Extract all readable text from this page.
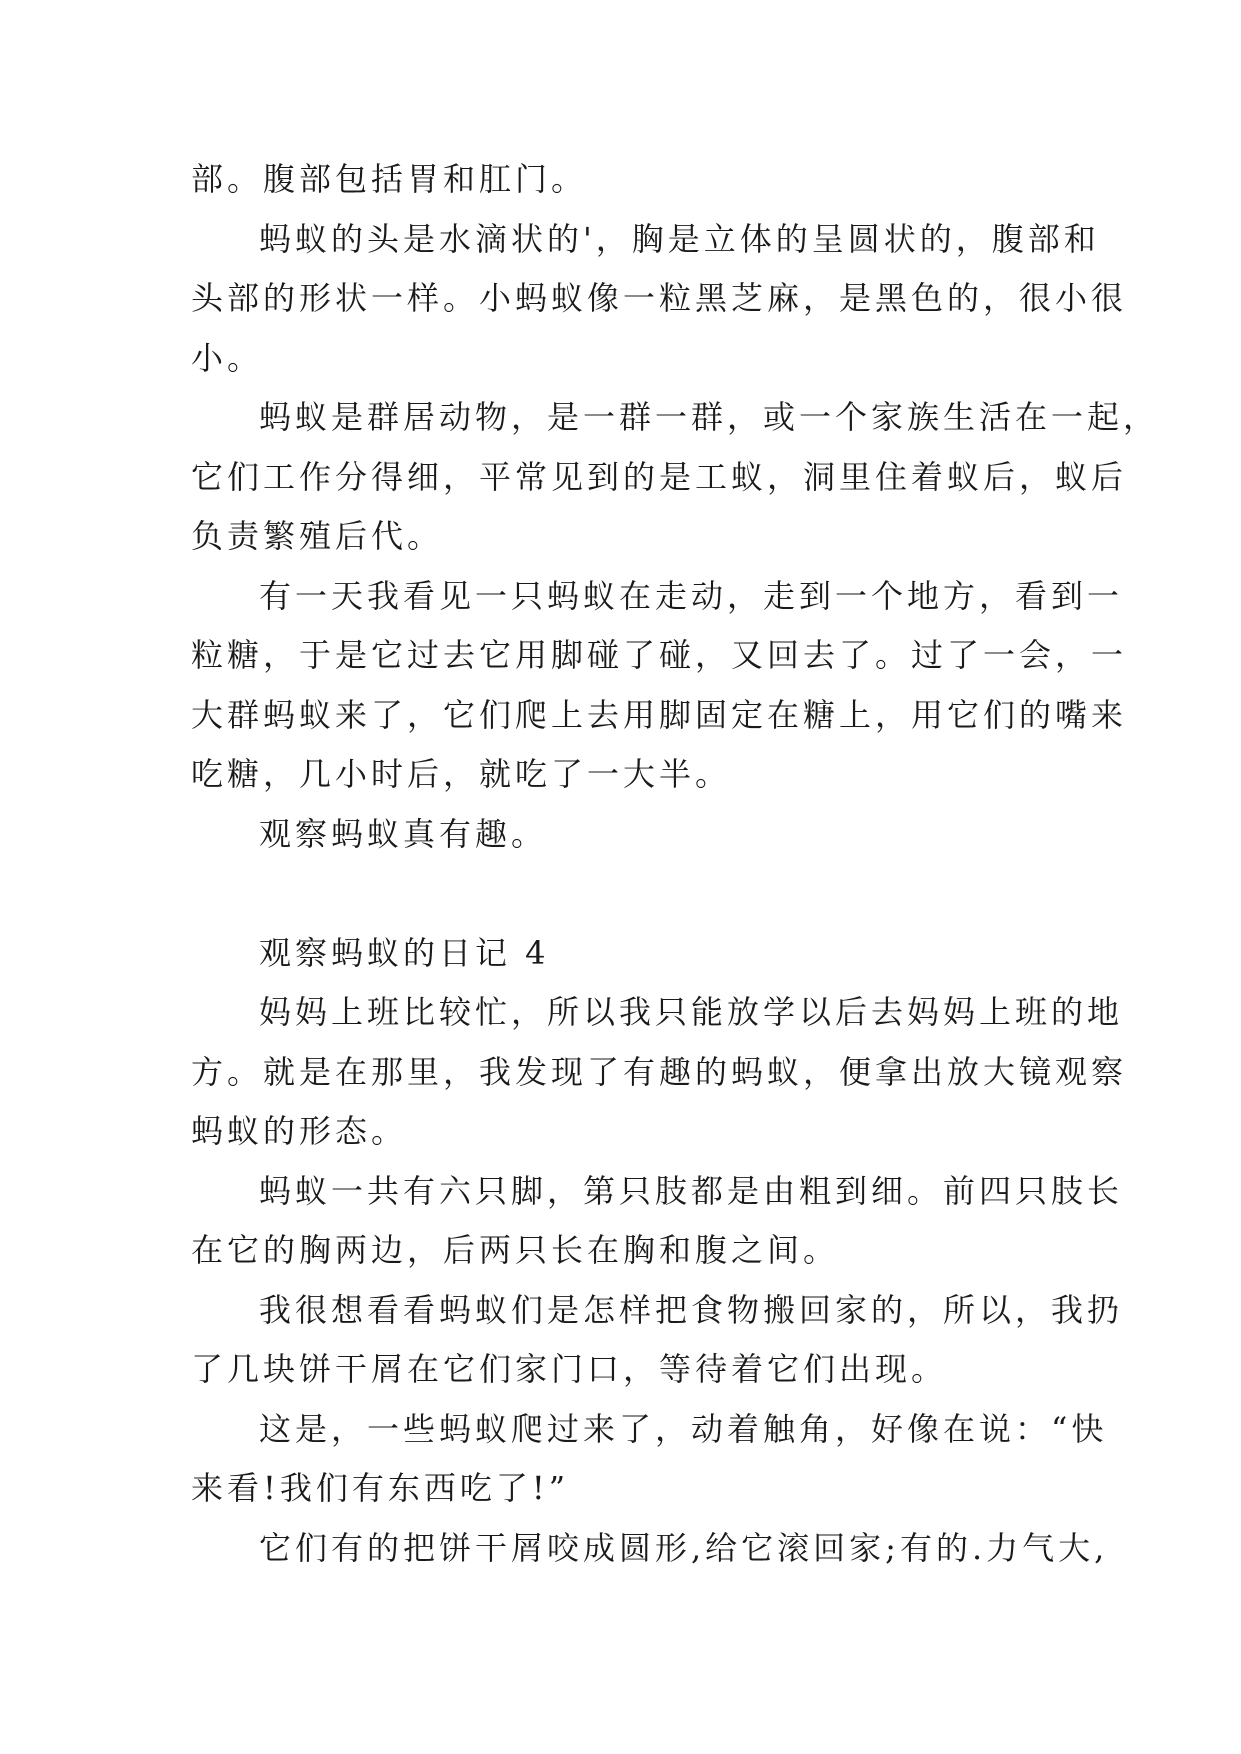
部。腹部包括胃和肛门。
蚂蚁的头是水滴状的'，胸是立体的呈圆状的，腹部和
头部的形状一样。小蚂蚁像一粒黑芝麻，是黑色的，很小很
小。
蚂蚁是群居动物，是一群一群，或一个家族生活在一起，
它们工作分得细，平常见到的是工蚁，洞里住着蚁后，蚁后
负责繁殖后代。
有一天我看见一只蚂蚁在走动，走到一个地方，看到一
粒糖，于是它过去它用脚碰了碰，又回去了。过了一会，一
大群蚂蚁来了，它们爬上去用脚固定在糖上，用它们的嘴来
吃糖，几小时后，就吃了一大半。
观察蚂蚁真有趣。
观察蚂蚁的日记 4
妈妈上班比较忙，所以我只能放学以后去妈妈上班的地
方。就是在那里，我发现了有趣的蚂蚁，便拿出放大镜观察
蚂蚁的形态。
蚂蚁一共有六只脚，第只肢都是由粗到细。前四只肢长
在它的胸两边，后两只长在胸和腹之间。
我很想看看蚂蚁们是怎样把食物搬回家的，所以，我扔
了几块饼干屑在它们家门口，等待着它们出现。
这是，一些蚂蚁爬过来了，动着触角，好像在说：“快
来看!我们有东西吃了!”
它们有的把饼干屑咬成圆形,给它滚回家;有的.力气大,
